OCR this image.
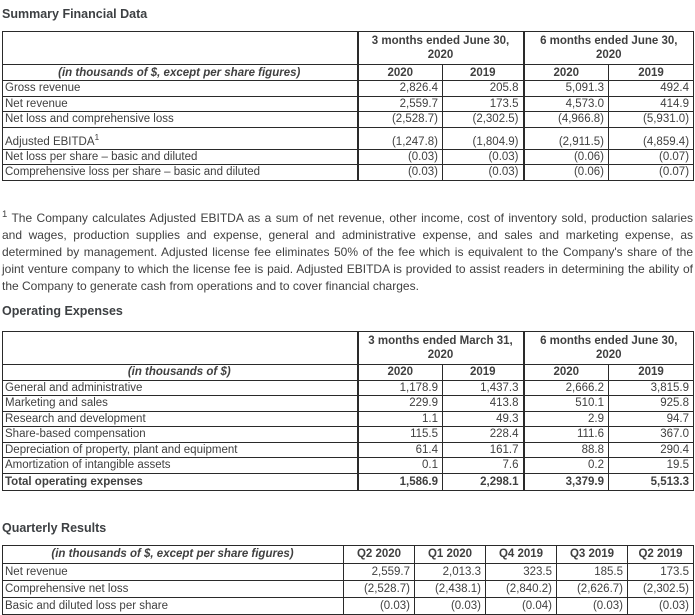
Summary Financial Data
	3 months ended June 30, 2020		6 months ended June 30, 2020	
(in thousands of $, except per share figures)	2020	2019	2020	2019
Gross revenue	2,826.4	205.8	5,091.3	492.4
Net revenue	2,559.7	173.5	4,573.0	414.9
Net loss and comprehensive loss	(2,528.7)	(2,302.5)	(4,966.8)	(5,931.0)
Adjusted EBITDA$^1$	(1,247.8)	(1,804.9)	(2,911.5)	(4,859.4)
Net loss per share – basic and diluted	(0.03)	(0.03)	(0.06)	(0.07)
Comprehensive loss per share – basic and diluted	(0.03)	(0.03)	(0.06)	(0.07)
$^1$ The Company calculates Adjusted EBITDA as a sum of net revenue, other income, cost of inventory sold, production salaries and wages, production supplies and expense, general and administrative expense, and sales and marketing expense, as determined by management. Adjusted license fee eliminates 50% of the fee which is equivalent to the Company's share of the joint venture company to which the license fee is paid. Adjusted EBITDA is provided to assist readers in determining the ability of the Company to generate cash from operations and to cover financial charges.
Operating Expenses
	3 months ended March 31, 2020		6 months ended June 30, 2020	
(in thousands of $)	2020	2019	2020	2019
General and administrative	1,178.9	1,437.3	2,666.2	3,815.9
Marketing and sales	229.9	413.8	510.1	925.8
Research and development	1.1	49.3	2.9	94.7
Share-based compensation	115.5	228.4	111.6	367.0
Depreciation of property, plant and equipment	61.4	161.7	88.8	290.4
Amortization of intangible assets	0.1	7.6	0.2	19.5
Total operating expenses	1,586.9	2,298.1	3,379.9	5,513.3
Quarterly Results
(in thousands of $, except per share figures)	Q2 2020	Q1 2020	Q4 2019	Q3 2019	Q2 2019
Net revenue	2,559.7	2,013.3	323.5	185.5	173.5
Comprehensive net loss	(2,528.7)	(2,438.1)	(2,840.2)	(2,626.7)	(2,302.5)
Basic and diluted loss per share	(0.03)	(0.03)	(0.04)	(0.03)	(0.03)
